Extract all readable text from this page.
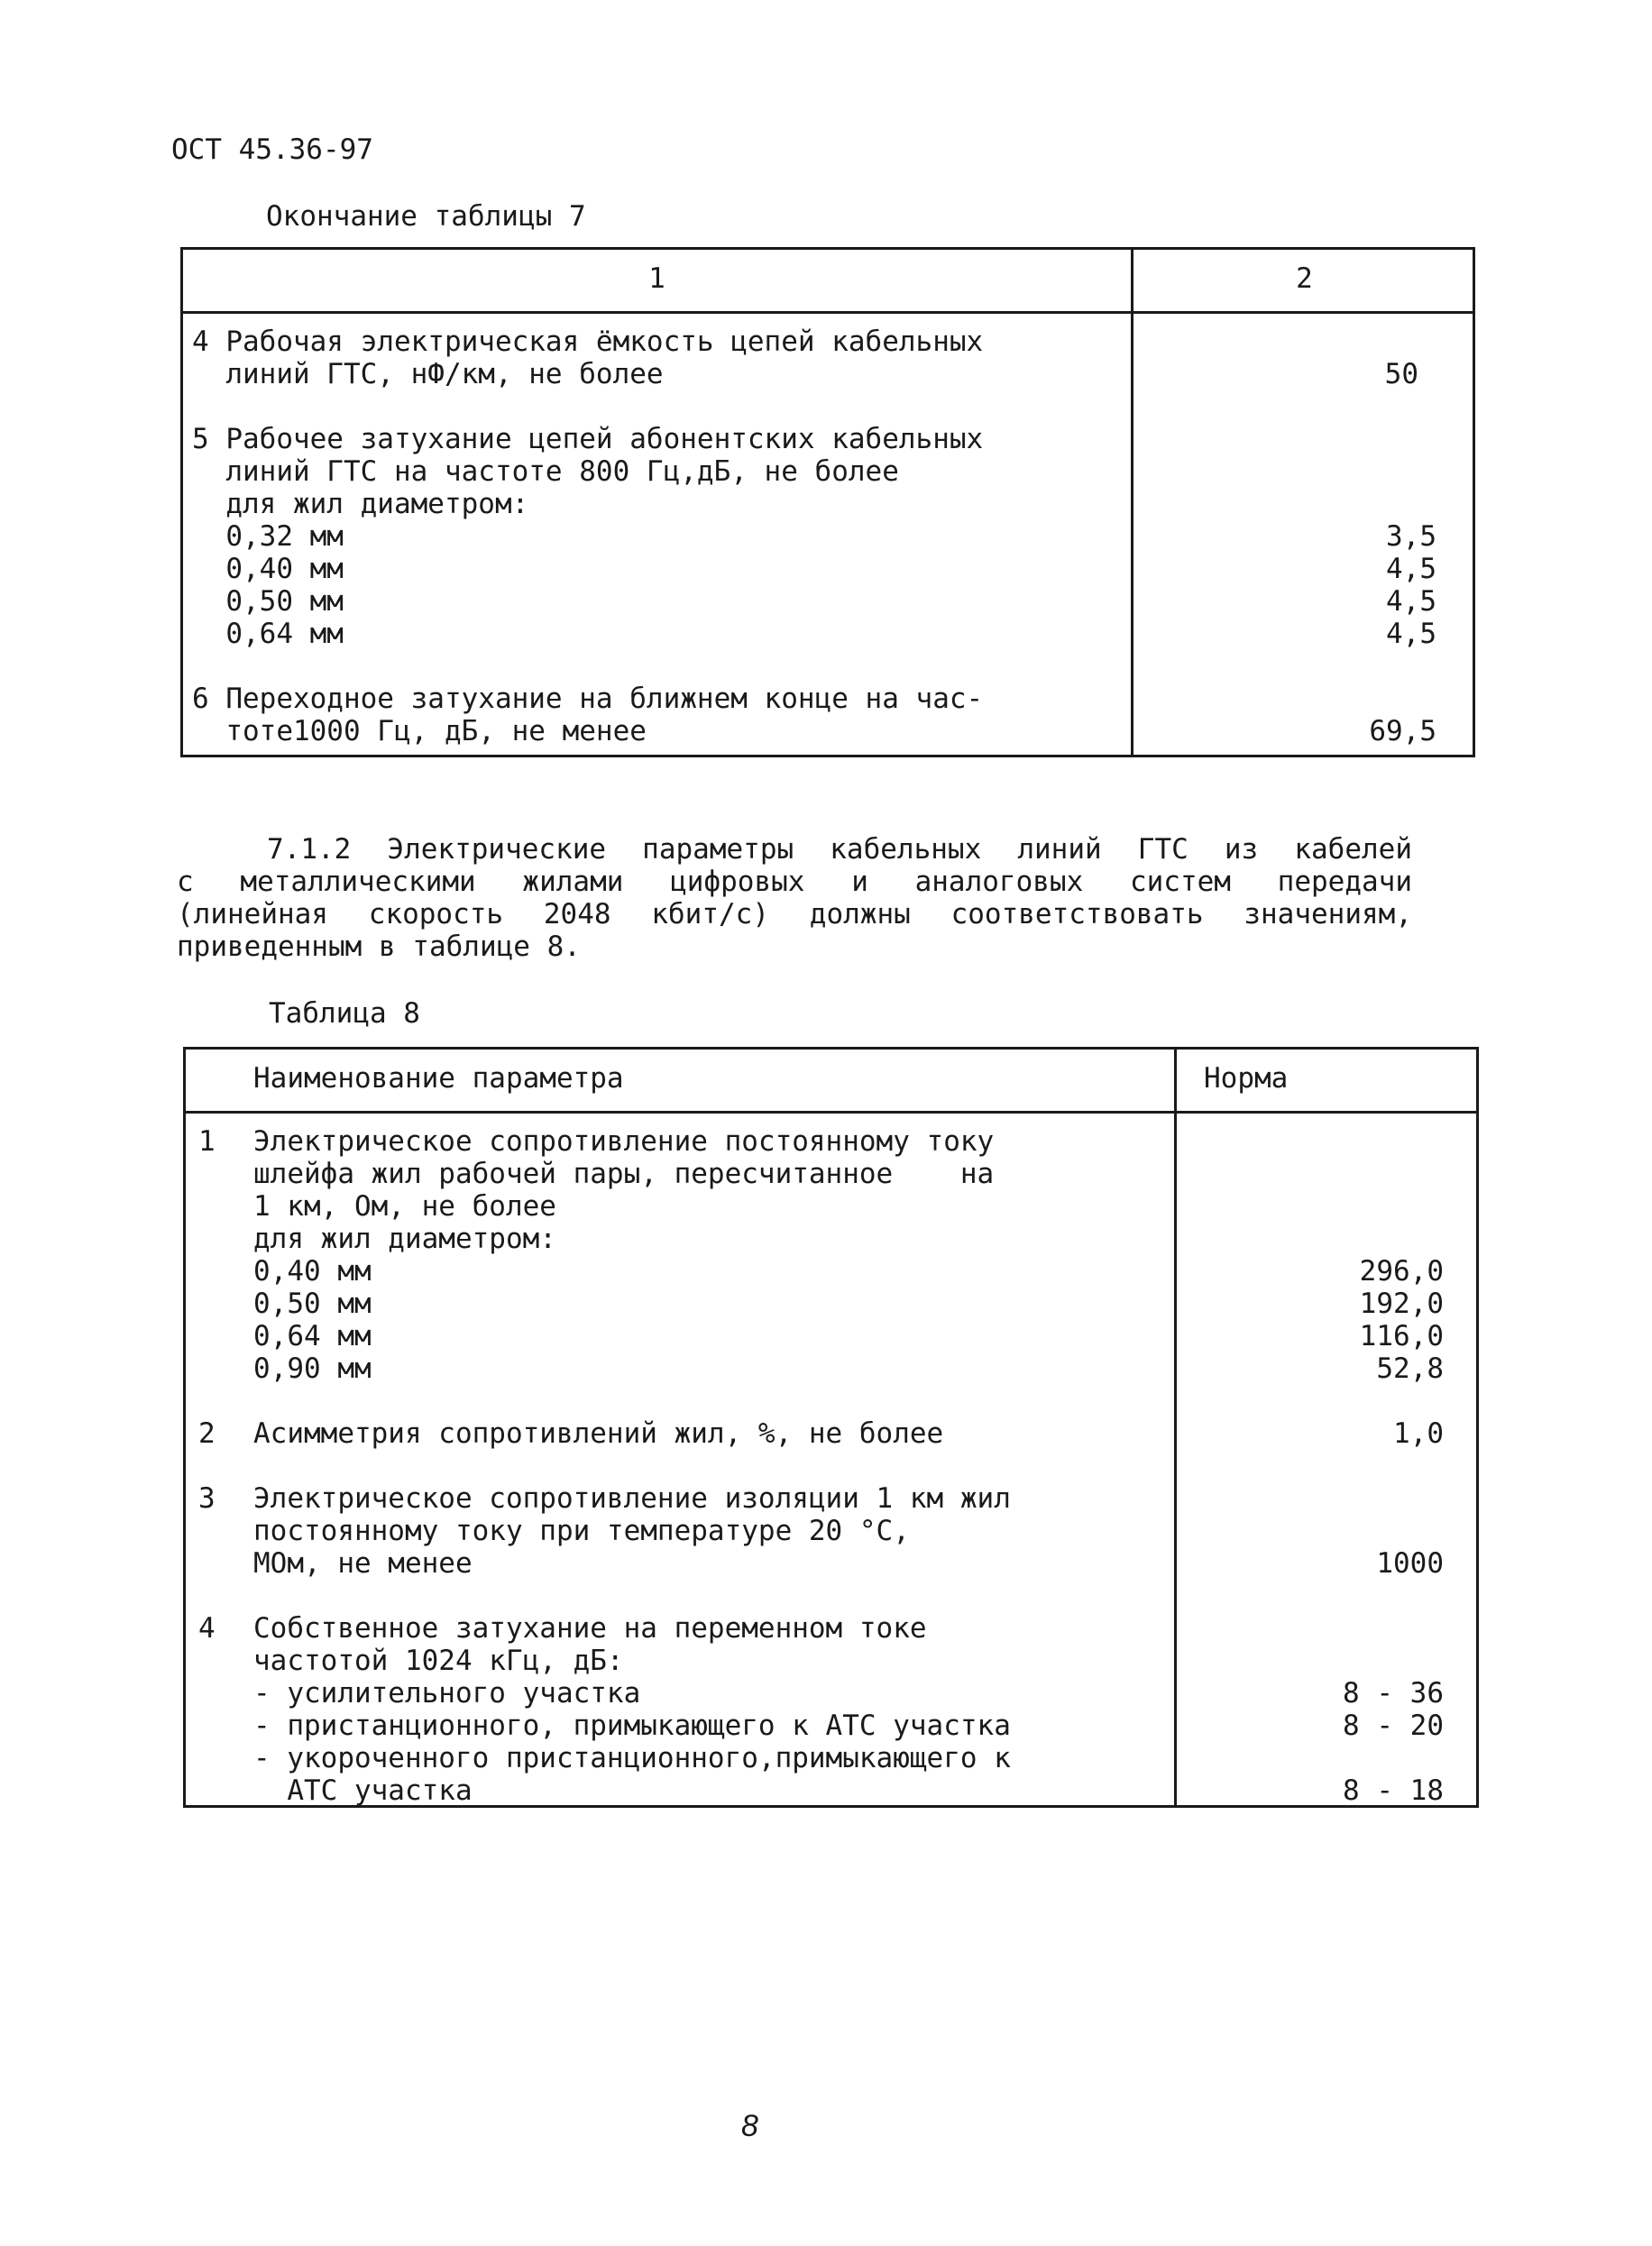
ОСТ 45.36-97
Окончание таблицы 7
1	2
4 Рабочая электрическая ёмкость цепей кабельных
линий ГТС, нФ/км, не более
5 Рабочее затухание цепей абонентских кабельных
линий ГТС на частоте 800 Гц,дБ, не более
для жил диаметром:
0,32 мм
0,40 мм
0,50 мм
0,64 мм
6 Переходное затухание на ближнем конце на час-
тоте1000 Гц, дБ, не менее
50
3,5
4,5
4,5
4,5
69,5
7.1.2 Электрические параметры кабельных линий ГТС из кабелей
с металлическими жилами цифровых и аналоговых систем передачи
(линейная скорость 2048 кбит/с) должны соответствовать значениям,
приведенным в таблице 8.
Таблица 8
Наименование параметра	Норма
1
2
3
4
Электрическое сопротивление постоянному току
шлейфа жил рабочей пары, пересчитанное    на
1 км, Ом, не более
для жил диаметром:
0,40 мм
0,50 мм
0,64 мм
0,90 мм
Асимметрия сопротивлений жил, %, не более
Электрическое сопротивление изоляции 1 км жил
постоянному току при температуре 20 °С,
МОм, не менее
Собственное затухание на переменном токе
частотой 1024 кГц, дБ:
- усилительного участка
- пристанционного, примыкающего к АТС участка
- укороченного пристанционного,примыкающего к
АТС участка
296,0
192,0
116,0
52,8
1,0
1000
8 - 36
8 - 20
8 - 18
8
